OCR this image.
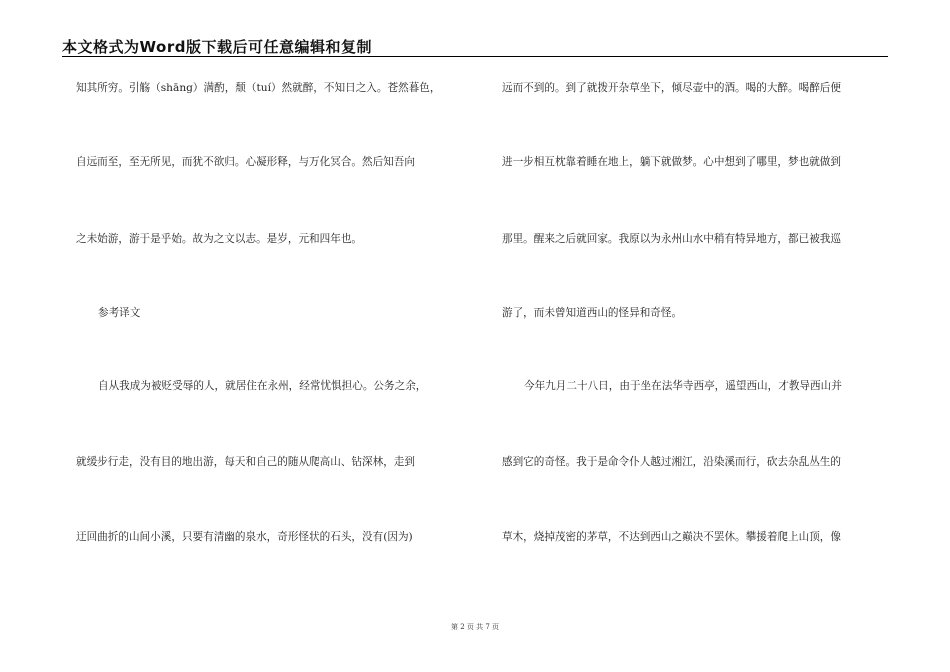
本文格式为Word版下载后可任意编辑和复制
知其所穷。引觞（shāng）满酌，颓（tuí）然就醉，不知日之入。苍然暮色，
自远而至，至无所见，而犹不欲归。心凝形释，与万化冥合。然后知吾向
之未始游，游于是乎始。故为之文以志。是岁，元和四年也。
参考译文
自从我成为被贬受辱的人，就居住在永州，经常忧惧担心。公务之余，
就缓步行走，没有目的地出游，每天和自己的随从爬高山、钻深林，走到
迂回曲折的山间小溪，只要有清幽的泉水，奇形怪状的石头，没有(因为)
远而不到的。到了就拨开杂草坐下，倾尽壶中的酒。喝的大醉。喝醉后便
进一步相互枕靠着睡在地上，躺下就做梦。心中想到了哪里，梦也就做到
那里。醒来之后就回家。我原以为永州山水中稍有特异地方，都已被我巡
游了，而未曾知道西山的怪异和奇怪。
今年九月二十八日，由于坐在法华寺西亭，遥望西山，才教导西山并
感到它的奇怪。我于是命令仆人越过湘江，沿染溪而行，砍去杂乱丛生的
草木，烧掉茂密的茅草，不达到西山之巅决不罢休。攀援着爬上山顶，像
第 2 页 共 7 页
